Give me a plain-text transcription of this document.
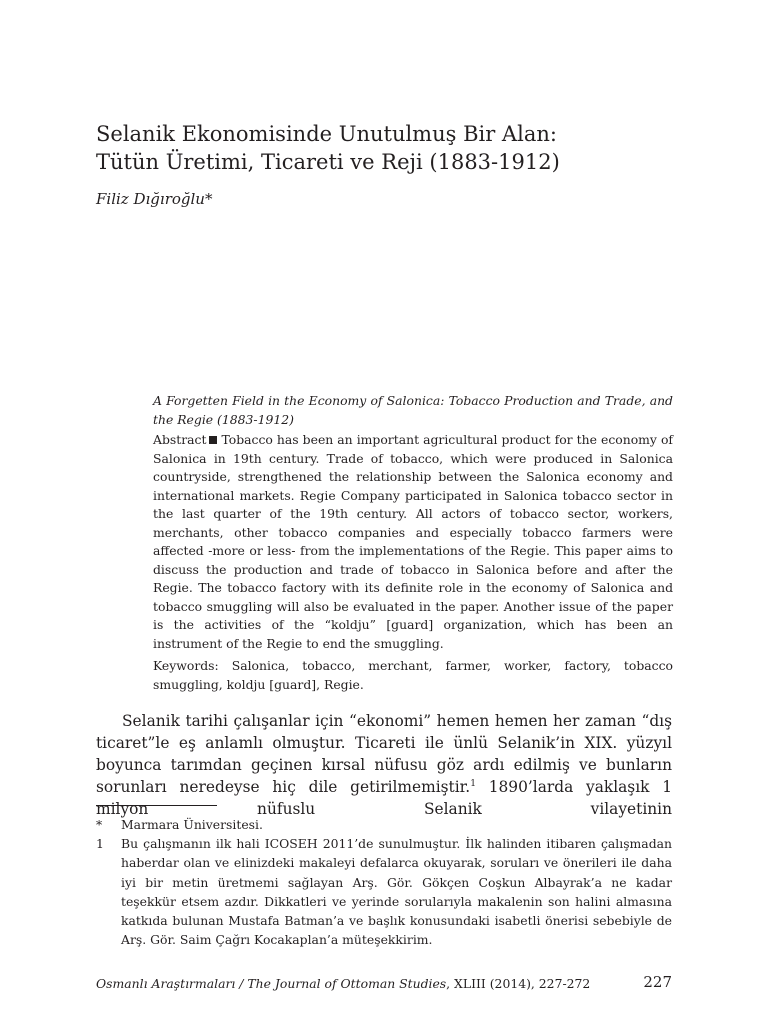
Selanik Ekonomisinde Unutulmuş Bir Alan:
Tütün Üretimi, Ticareti ve Reji (1883-1912)

Filiz Dığıroğlu*

A Forgetten Field in the Economy of Salonica: Tobacco Production and Trade, and the Regie (1883-1912)

Abstract Tobacco has been an important agricultural product for the economy of Salonica in 19th century. Trade of tobacco, which were produced in Salonica countryside, strengthened the relationship between the Salonica economy and international markets. Regie Company participated in Salonica tobacco sector in the last quarter of the 19th century. All actors of tobacco sector, workers, merchants, other tobacco companies and especially tobacco farmers were affected -more or less- from the implementations of the Regie. This paper aims to discuss the production and trade of tobacco in Salonica before and after the Regie. The tobacco factory with its definite role in the economy of Salonica and tobacco smuggling will also be evaluated in the paper. Another issue of the paper is the activities of the “koldju” [guard] organization, which has been an instrument of the Regie to end the smuggling.

Keywords: Salonica, tobacco, merchant, farmer, worker, factory, tobacco smuggling, koldju [guard], Regie.

Selanik tarihi çalışanlar için “ekonomi” hemen hemen her zaman “dış ticaret”le eş anlamlı olmuştur. Ticareti ile ünlü Selanik’in XIX. yüzyıl boyunca tarımdan geçinen kırsal nüfusu göz ardı edilmiş ve bunların sorunları neredeyse hiç dile getirilmemiştir.$^1$ 1890’larda yaklaşık 1 milyon nüfuslu Selanik vilayetinin

* Marmara Üniversitesi.

1 Bu çalışmanın ilk hali ICOSEH 2011’de sunulmuştur. İlk halinden itibaren çalışmadan haberdar olan ve elinizdeki makaleyi defalarca okuyarak, soruları ve önerileri ile daha iyi bir metin üretmemi sağlayan Arş. Gör. Gökçen Coşkun Albayrak’a ne kadar teşekkür etsem azdır. Dikkatleri ve yerinde sorularıyla makalenin son halini almasına katkıda bulunan Mustafa Batman’a ve başlık konusundaki isabetli önerisi sebebiyle de Arş. Gör. Saim Çağrı Kocakaplan’a müteşekkirim.

Osmanlı Araştırmaları / The Journal of Ottoman Studies, XLIII (2014), 227-272	227
